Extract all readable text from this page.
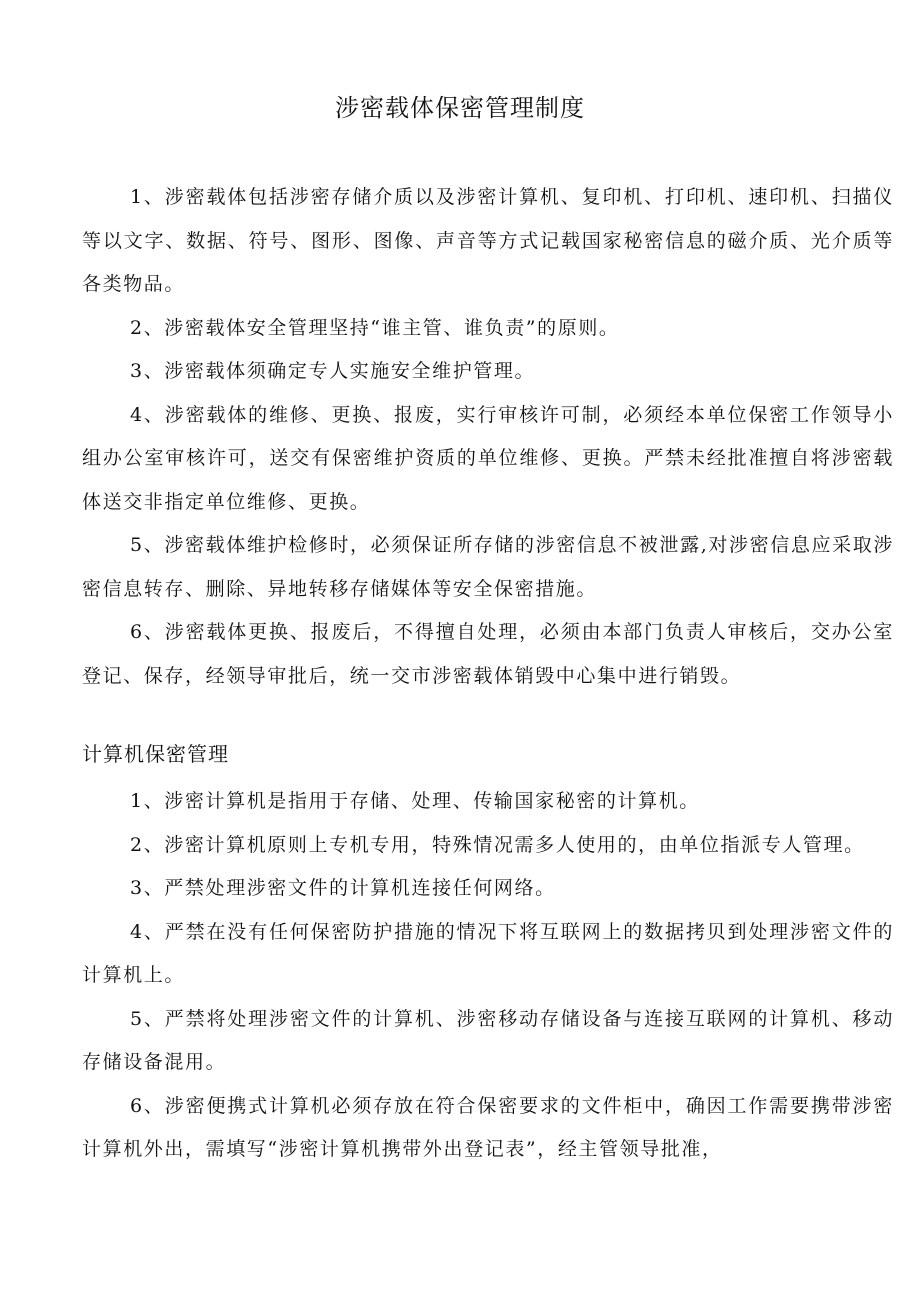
涉密载体保密管理制度

1、涉密载体包括涉密存储介质以及涉密计算机、复印机、打印机、速印机、扫描仪等以文字、数据、符号、图形、图像、声音等方式记载国家秘密信息的磁介质、光介质等各类物品。

2、涉密载体安全管理坚持“谁主管、谁负责”的原则。

3、涉密载体须确定专人实施安全维护管理。

4、涉密载体的维修、更换、报废，实行审核许可制，必须经本单位保密工作领导小组办公室审核许可，送交有保密维护资质的单位维修、更换。严禁未经批准擅自将涉密载体送交非指定单位维修、更换。

5、涉密载体维护检修时，必须保证所存储的涉密信息不被泄露,对涉密信息应采取涉密信息转存、删除、异地转移存储媒体等安全保密措施。

6、涉密载体更换、报废后，不得擅自处理，必须由本部门负责人审核后，交办公室登记、保存，经领导审批后，统一交市涉密载体销毁中心集中进行销毁。

计算机保密管理

1、涉密计算机是指用于存储、处理、传输国家秘密的计算机。

2、涉密计算机原则上专机专用，特殊情况需多人使用的，由单位指派专人管理。

3、严禁处理涉密文件的计算机连接任何网络。

4、严禁在没有任何保密防护措施的情况下将互联网上的数据拷贝到处理涉密文件的计算机上。

5、严禁将处理涉密文件的计算机、涉密移动存储设备与连接互联网的计算机、移动存储设备混用。

6、涉密便携式计算机必须存放在符合保密要求的文件柜中，确因工作需要携带涉密计算机外出，需填写“涉密计算机携带外出登记表”，经主管领导批准，
